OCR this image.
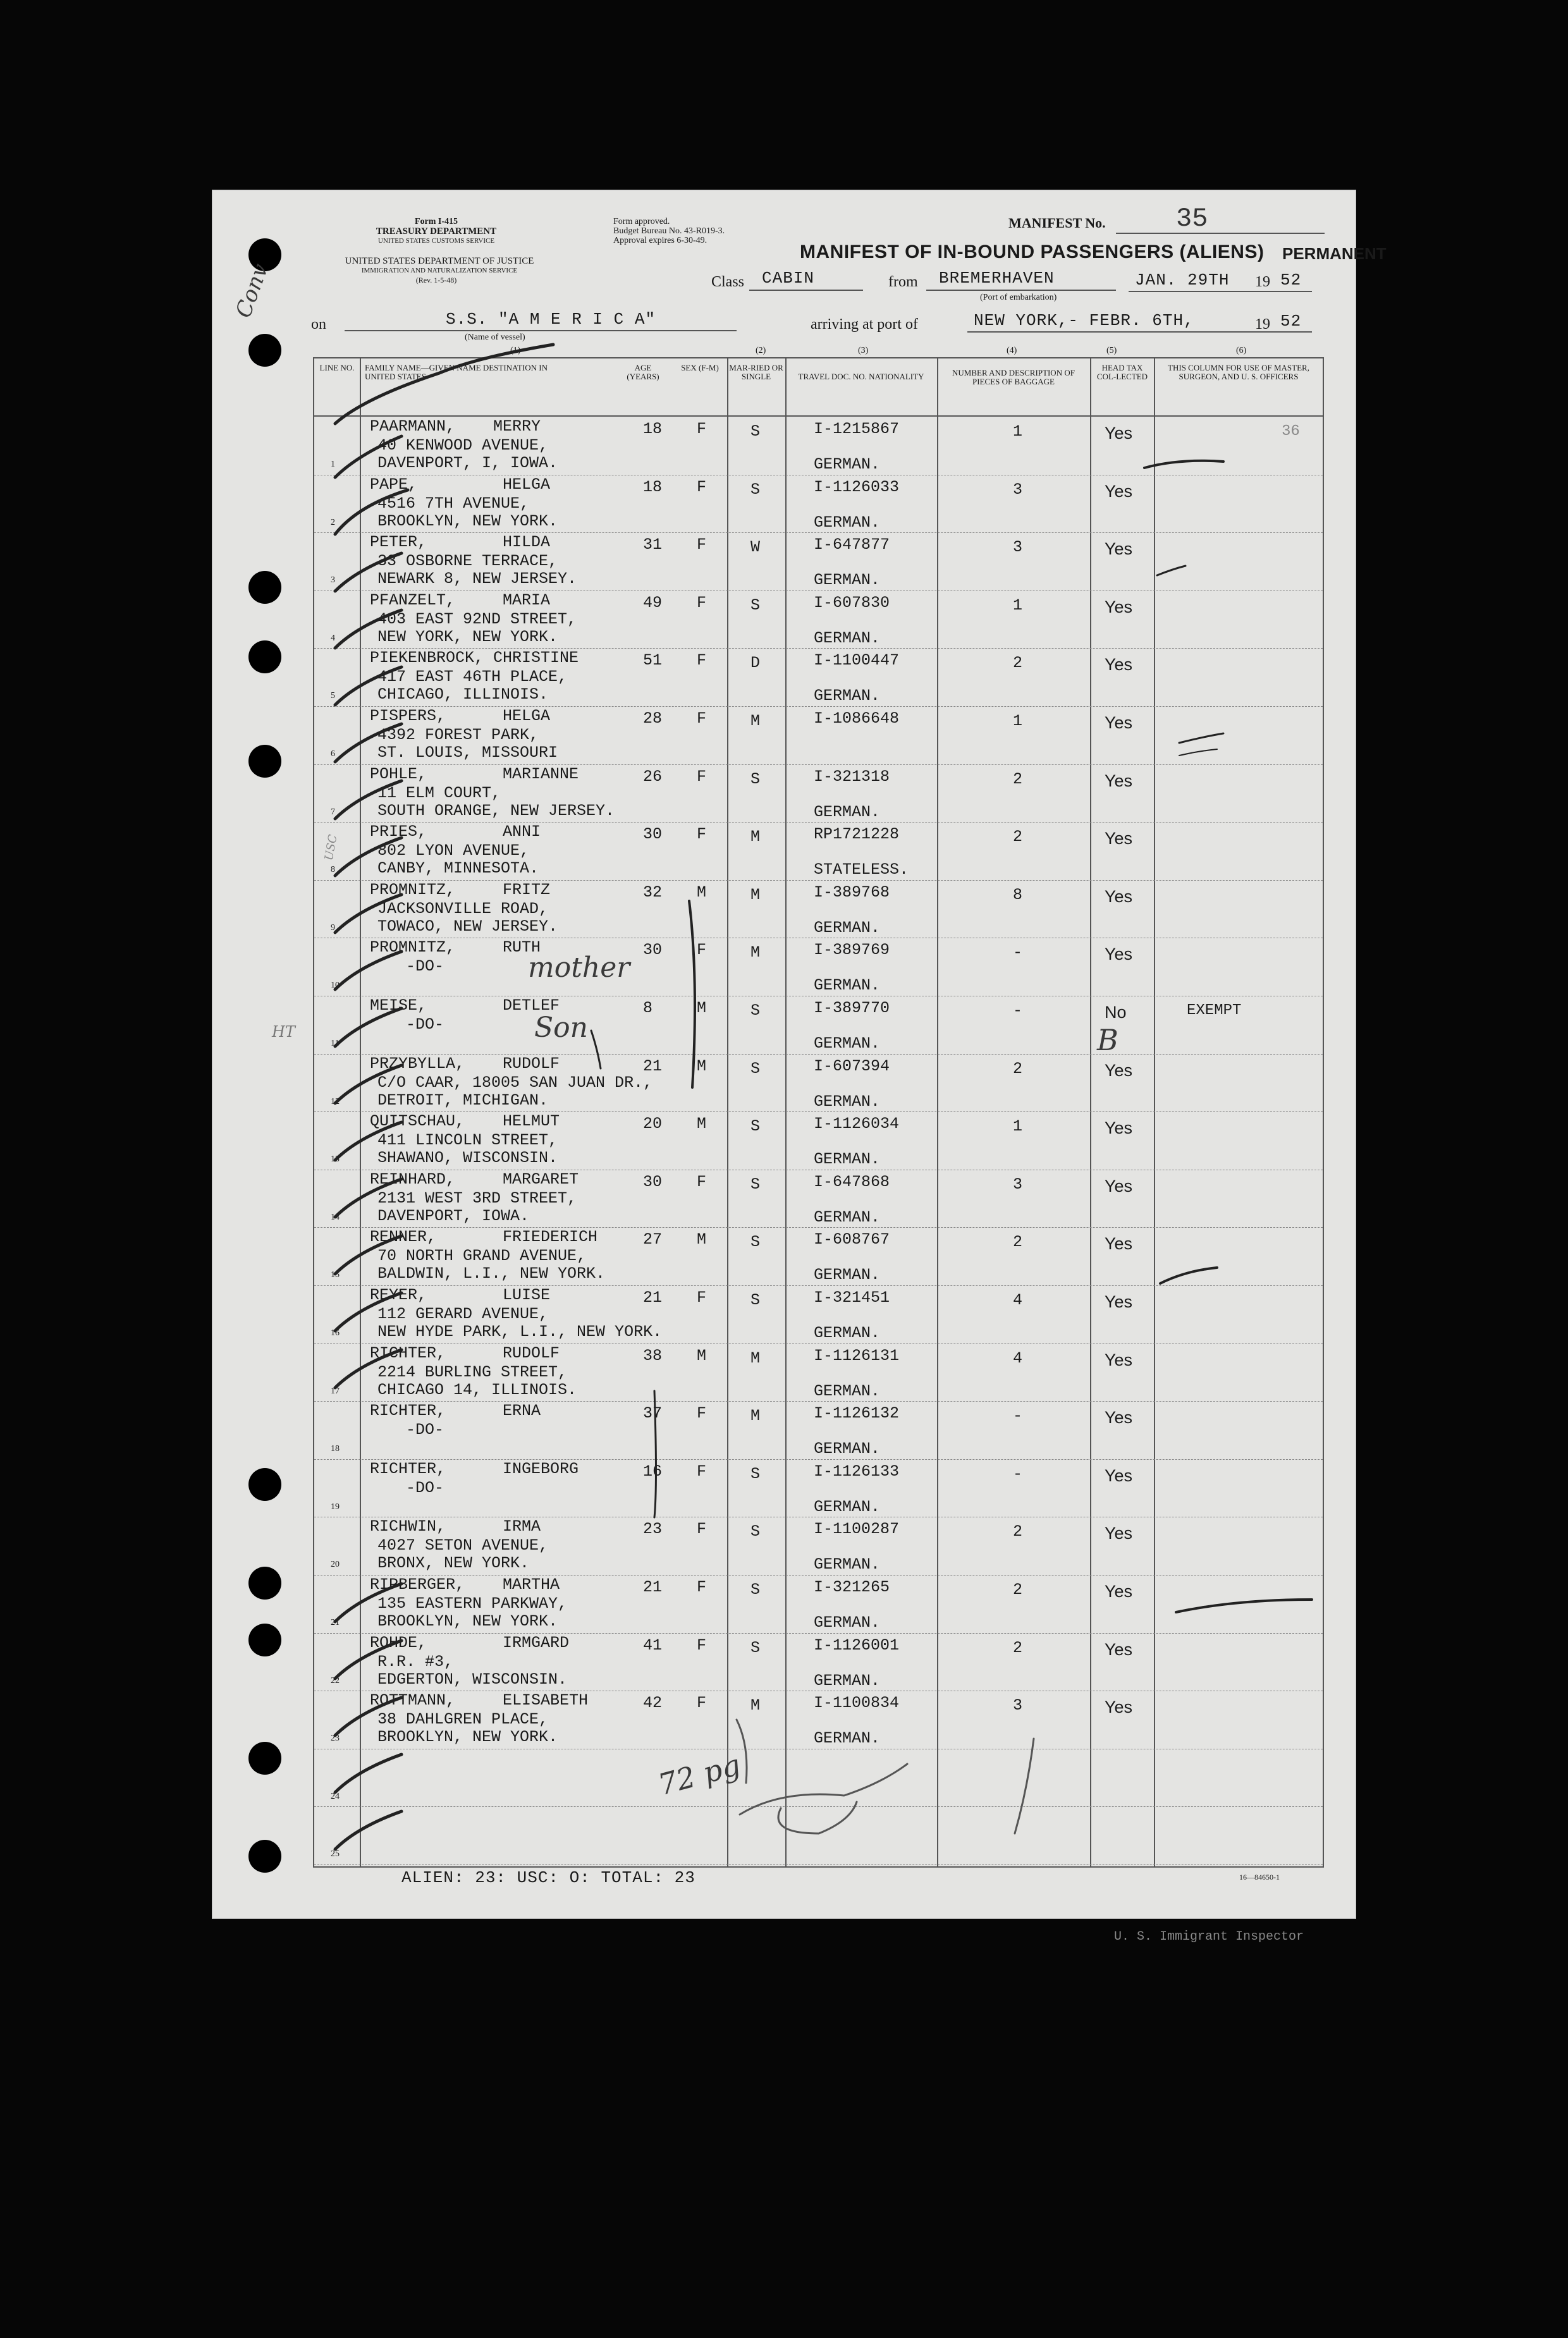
Form I-415
TREASURY DEPARTMENT
UNITED STATES CUSTOMS SERVICE
UNITED STATES DEPARTMENT OF JUSTICE
IMMIGRATION AND NATURALIZATION SERVICE
(Rev. 1-5-48)
Form approved.
Budget Bureau No. 43-R019-3.
Approval expires 6-30-49.
MANIFEST No.	35
MANIFEST OF IN-BOUND PASSENGERS (ALIENS) PERMANENT
Class CABIN	from BREMERHAVEN
(Port of embarkation)
JAN. 29TH 19 52
on	S.S. "A M E R I C A"
(Name of vessel)
arriving at port of	NEW YORK,- FEBR. 6TH,	19 52
Conv
(1)	(2)	(3)	(4)	(5)	(6)
LINE NO.	FAMILY NAME—GIVEN NAME DESTINATION IN UNITED STATES
AGE (YEARS)
SEX (F-M)	MAR-RIED OR SINGLE	TRAVEL DOC. NO. NATIONALITY	NUMBER AND DESCRIPTION OF PIECES OF BAGGAGE
HEAD TAX COL-LECTED
THIS COLUMN FOR USE OF MASTER, SURGEON, AND U. S. OFFICERS
1
PAARMANN,    MERRY
40 KENWOOD AVENUE,
DAVENPORT, I, IOWA.
18 F	S	I-1215867
GERMAN.
1	Yes	36
2
PAPE,         HELGA
4516 7TH AVENUE,
BROOKLYN, NEW YORK.
18 F	S	I-1126033
GERMAN.
3	Yes
3
PETER,        HILDA
33 OSBORNE TERRACE,
NEWARK 8, NEW JERSEY.
31 F	W	I-647877
GERMAN.
3	Yes
4
PFANZELT,     MARIA
403 EAST 92ND STREET,
NEW YORK, NEW YORK.
49 F	S	I-607830
GERMAN.
1	Yes
5
PIEKENBROCK, CHRISTINE
417 EAST 46TH PLACE,
CHICAGO, ILLINOIS.
51 F	D	I-1100447
GERMAN.
2	Yes
6
PISPERS,      HELGA
4392 FOREST PARK,
ST. LOUIS, MISSOURI
28 F	M	I-1086648	1	Yes
7
POHLE,        MARIANNE
11 ELM COURT,
SOUTH ORANGE, NEW JERSEY.
26 F	S	I-321318
GERMAN.
2	Yes
8
PRIES,        ANNI
802 LYON AVENUE,
CANBY, MINNESOTA.
30 F	M	RP1721228
STATELESS.
2	Yes
9
PROMNITZ,     FRITZ
JACKSONVILLE ROAD,
TOWACO, NEW JERSEY.
32 M	M	I-389768
GERMAN.
8	Yes
10
PROMNITZ,     RUTH
-DO-
30 F	M	I-389769
GERMAN.
-	Yes
11
MEISE,        DETLEF
-DO-
8	M	S	I-389770
GERMAN.
-	No	EXEMPT
12
PRZYBYLLA,    RUDOLF
C/O CAAR, 18005 SAN JUAN DR.,
DETROIT, MICHIGAN.
21 M	S	I-607394
GERMAN.
2	Yes
13
QUITSCHAU,    HELMUT
411 LINCOLN STREET,
SHAWANO, WISCONSIN.
20 M	S	I-1126034
GERMAN.
1	Yes
14
REINHARD,     MARGARET
2131 WEST 3RD STREET,
DAVENPORT, IOWA.
30 F	S	I-647868
GERMAN.
3	Yes
15
RENNER,       FRIEDERICH
70 NORTH GRAND AVENUE,
BALDWIN, L.I., NEW YORK.
27 M	S	I-608767
GERMAN.
2	Yes
16
REYER,        LUISE
112 GERARD AVENUE,
NEW HYDE PARK, L.I., NEW YORK.
21 F	S	I-321451
GERMAN.
4	Yes
17
RICHTER,      RUDOLF
2214 BURLING STREET,
CHICAGO 14, ILLINOIS.
38 M	M	I-1126131
GERMAN.
4	Yes
18
RICHTER,      ERNA
-DO-
37 F	M	I-1126132
GERMAN.
-	Yes
19
RICHTER,      INGEBORG
-DO-
16 F	S	I-1126133
GERMAN.
-	Yes
20
RICHWIN,      IRMA
4027 SETON AVENUE,
BRONX, NEW YORK.
23 F	S	I-1100287
GERMAN.
2	Yes
21
RIPBERGER,    MARTHA
135 EASTERN PARKWAY,
BROOKLYN, NEW YORK.
21 F	S	I-321265
GERMAN.
2	Yes
22
ROHDE,        IRMGARD
R.R. #3,
EDGERTON, WISCONSIN.
41 F	S	I-1126001
GERMAN.
2	Yes
23
ROTTMANN,     ELISABETH
38 DAHLGREN PLACE,
BROOKLYN, NEW YORK.
42 F	M	I-1100834
GERMAN.
3	Yes
24
25
U. S. Immigrant Inspector
ALIEN: 23: USC: O: TOTAL: 23	16—84650-1
mother
Son	B
HT
USC
72 pg
